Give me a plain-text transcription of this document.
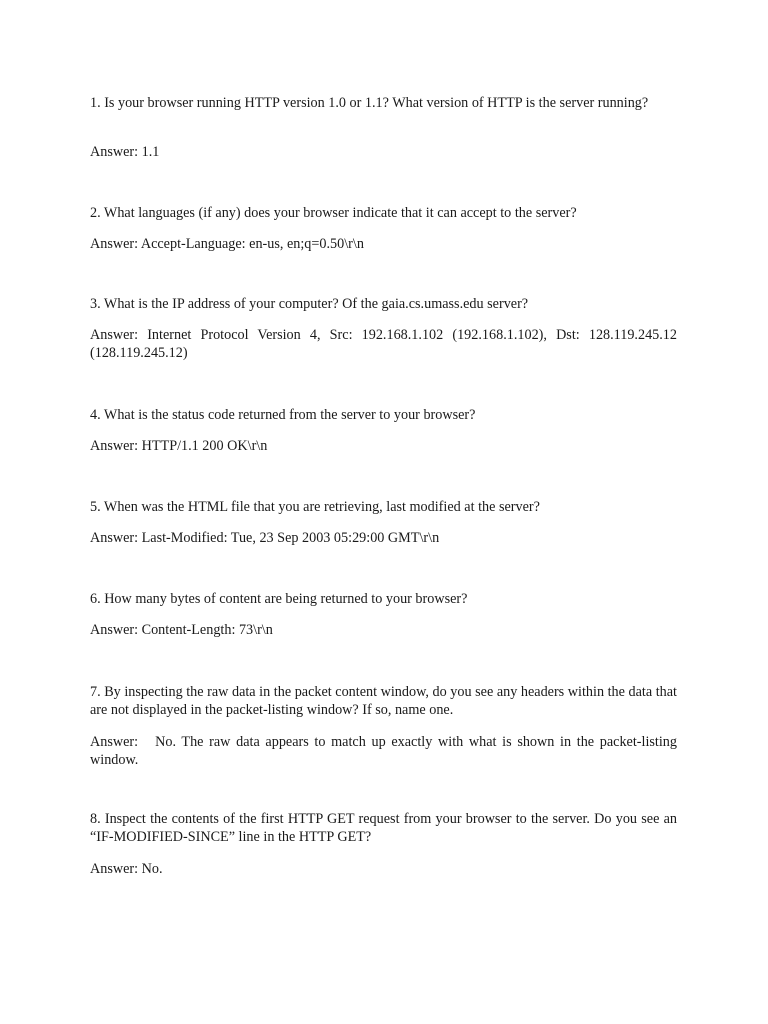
1. Is your browser running HTTP version 1.0 or 1.1? What version of HTTP is the server running?

Answer: 1.1

2. What languages (if any) does your browser indicate that it can accept to the server?

Answer: Accept-Language: en-us, en;q=0.50\r\n

3. What is the IP address of your computer? Of the gaia.cs.umass.edu server?

Answer: Internet Protocol Version 4, Src: 192.168.1.102 (192.168.1.102), Dst: 128.119.245.12 (128.119.245.12)

4. What is the status code returned from the server to your browser?

Answer: HTTP/1.1 200 OK\r\n

5. When was the HTML file that you are retrieving, last modified at the server?

Answer: Last-Modified: Tue, 23 Sep 2003 05:29:00 GMT\r\n

6. How many bytes of content are being returned to your browser?

Answer: Content-Length: 73\r\n

7. By inspecting the raw data in the packet content window, do you see any headers within the data that are not displayed in the packet-listing window? If so, name one.

Answer:   No. The raw data appears to match up exactly with what is shown in the packet-listing window.

8. Inspect the contents of the first HTTP GET request from your browser to the server. Do you see an “IF-MODIFIED-SINCE” line in the HTTP GET?

Answer: No.
